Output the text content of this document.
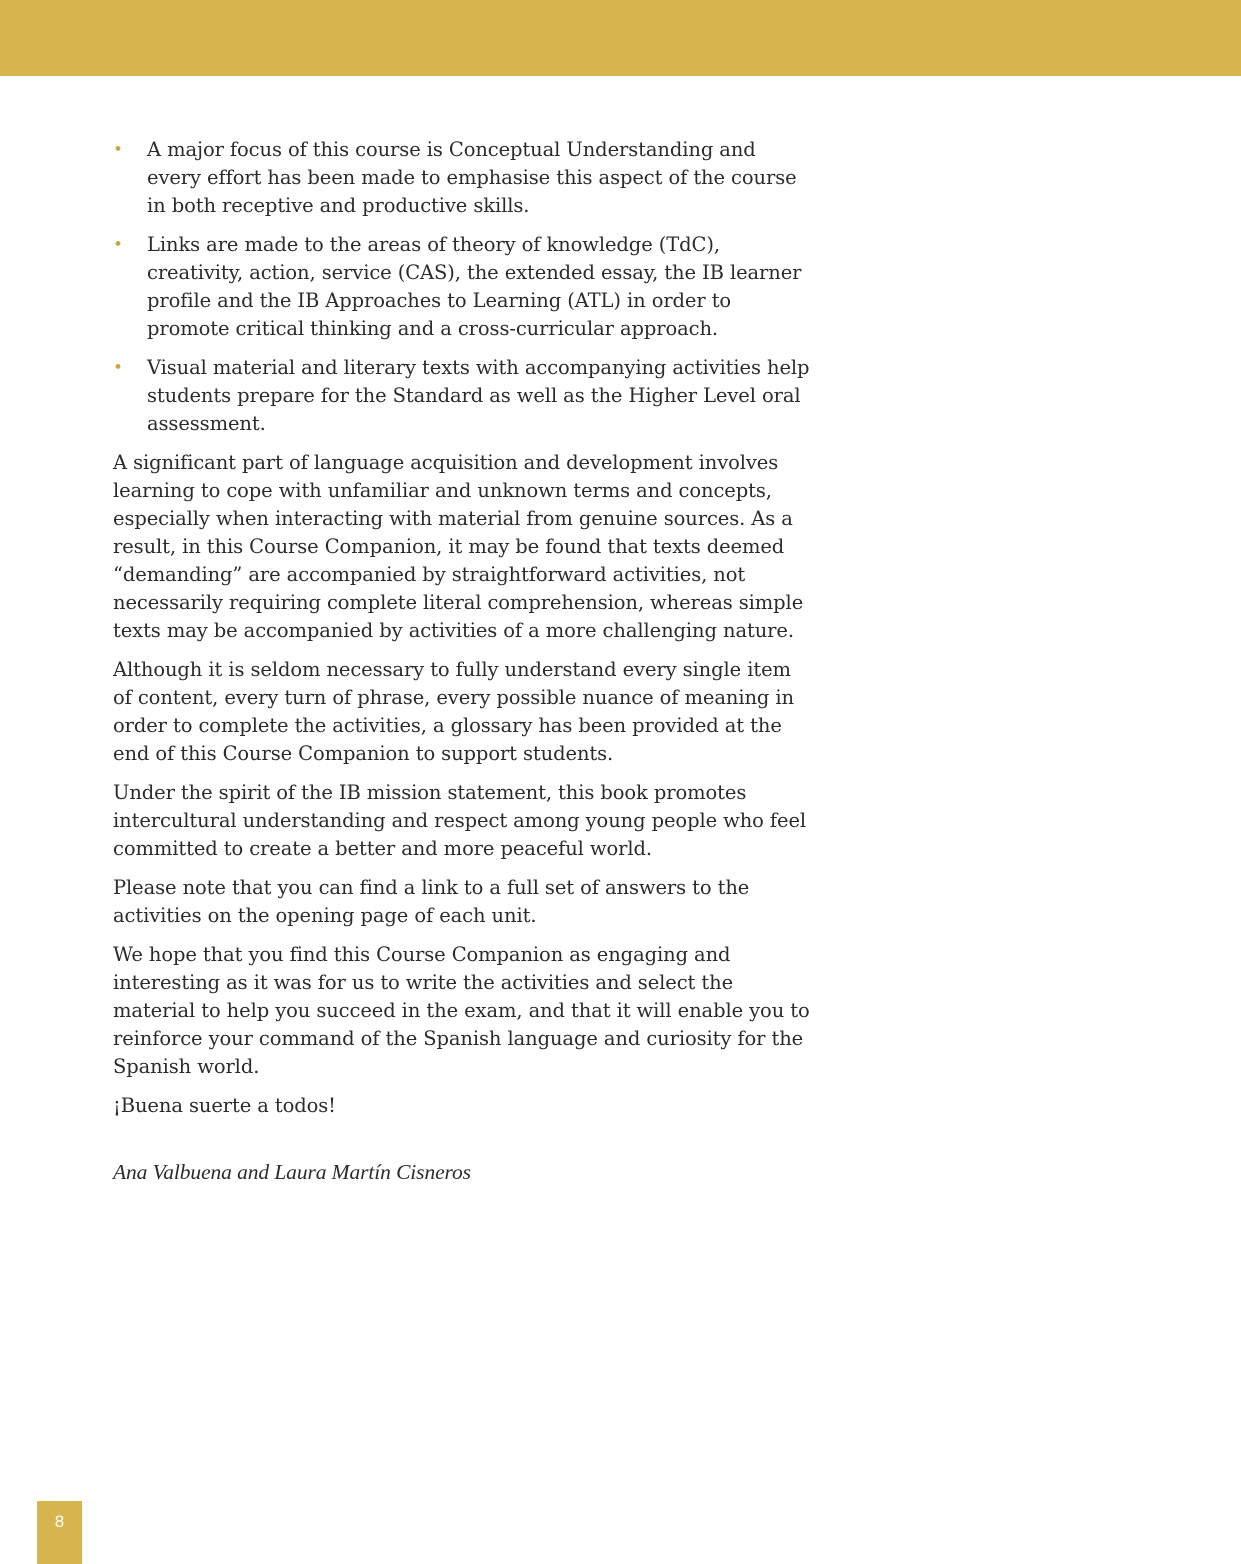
• A major focus of this course is Conceptual Understanding and every effort has been made to emphasise this aspect of the course in both receptive and productive skills.
• Links are made to the areas of theory of knowledge (TdC), creativity, action, service (CAS), the extended essay, the IB learner profile and the IB Approaches to Learning (ATL) in order to promote critical thinking and a cross-curricular approach.
• Visual material and literary texts with accompanying activities help students prepare for the Standard as well as the Higher Level oral assessment.

A significant part of language acquisition and development involves learning to cope with unfamiliar and unknown terms and concepts, especially when interacting with material from genuine sources. As a result, in this Course Companion, it may be found that texts deemed “demanding” are accompanied by straightforward activities, not necessarily requiring complete literal comprehension, whereas simple texts may be accompanied by activities of a more challenging nature.

Although it is seldom necessary to fully understand every single item of content, every turn of phrase, every possible nuance of meaning in order to complete the activities, a glossary has been provided at the end of this Course Companion to support students.

Under the spirit of the IB mission statement, this book promotes intercultural understanding and respect among young people who feel committed to create a better and more peaceful world.

Please note that you can find a link to a full set of answers to the activities on the opening page of each unit.

We hope that you find this Course Companion as engaging and interesting as it was for us to write the activities and select the material to help you succeed in the exam, and that it will enable you to reinforce your command of the Spanish language and curiosity for the Spanish world.

¡Buena suerte a todos!

Ana Valbuena and Laura Martín Cisneros

8
